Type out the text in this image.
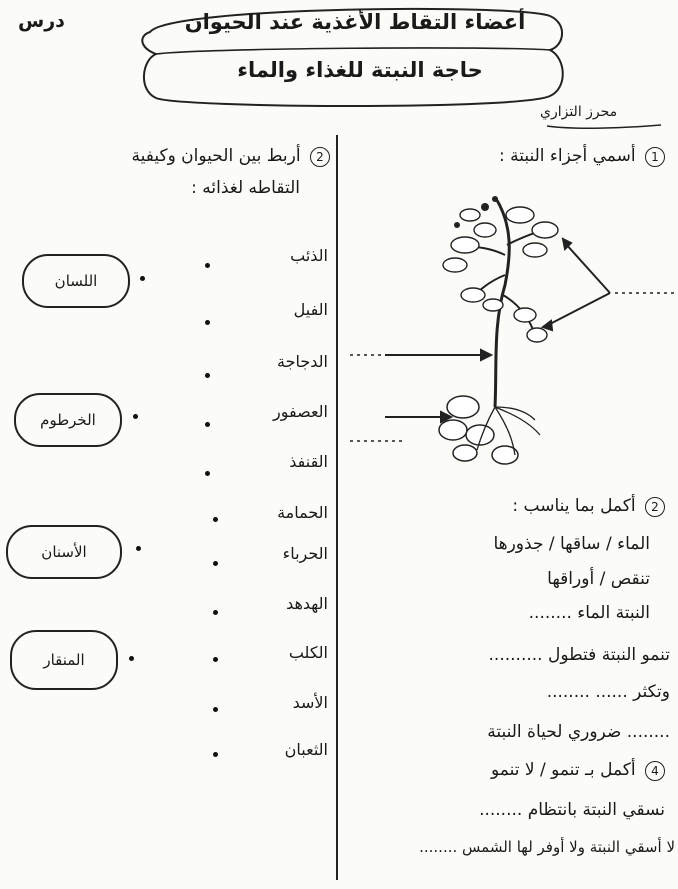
درس	أعضاء التقاط الأغذية عند الحيوان
حاجة النبتة للغذاء والماء
محرز التزاري
1 أسمي أجزاء النبتة :
2 أكمل بما يناسب :
الماء / ساقها / جذورها
تنقص / أوراقها
النبتة الماء ........
تنمو النبتة فتطول ..........
وتكثر ...... ........
........ ضروري لحياة النبتة
4 أكمل بـ تنمو / لا تنمو
نسقي النبتة بانتظام ........
لا أسقي النبتة ولا أوفر لها الشمس ........
2 أربط بين الحيوان وكيفية
التقاطه لغذائه :
الذئب
الفيل
الدجاجة
العصفور
القنفذ
الحمامة
الحرباء
الهدهد
الكلب
الأسد
الثعبان
اللسان
الخرطوم
الأسنان
المنقار
